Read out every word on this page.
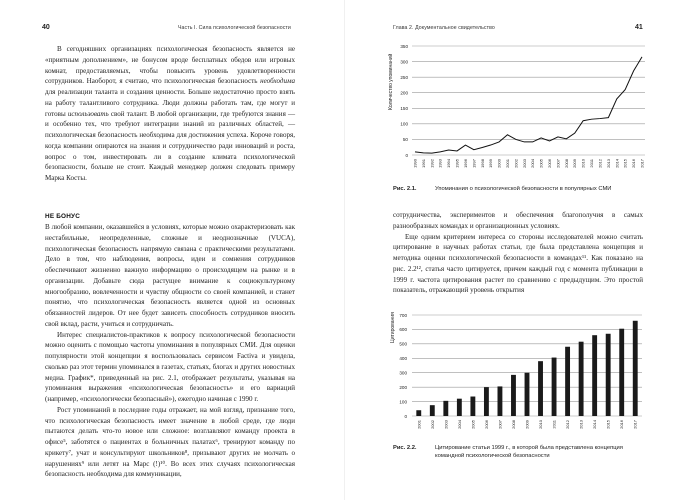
40	Часть I. Сила психологической безопасности

В сегодняшних организациях психологическая безопасность является не «приятным дополнением», не бонусом вроде бесплатных обедов или игровых комнат, предоставляемых, чтобы повысить уровень удовлетворенности сотрудников. Наоборот, я считаю, что психологическая безопасность необходима для реализации таланта и создания ценности. Больше недостаточно просто взять на работу талантливого сотрудника. Люди должны работать там, где могут и готовы использовать свой талант. В любой организации, где требуются знания — и особенно тех, что требуют интеграции знаний из различных областей, — психологическая безопасность необходима для достижения успеха. Короче говоря, когда компании опираются на знания и сотрудничество ради инноваций и роста, вопрос о том, инвестировать ли в создание климата психологической безопасности, больше не стоит. Каждый менеджер должен следовать примеру Марка Косты.

НЕ БОНУС

В любой компании, оказавшейся в условиях, которые можно охарактеризовать как нестабильные, неопределенные, сложные и неоднозначные (VUCA), психологическая безопасность напрямую связана с практическими результатами. Дело в том, что наблюдения, вопросы, идеи и сомнения сотрудников обеспечивают жизненно важную информацию о происходящем на рынке и в организации. Добавьте сюда растущее внимание к социокультурному многообразию, вовлеченности и чувству общности со своей компанией, и станет понятно, что психологическая безопасность является одной из основных обязанностей лидеров. От нее будет зависеть способность сотрудников вносить свой вклад, расти, учиться и сотрудничать.

Интерес специалистов-практиков к вопросу психологической безопасности можно оценить с помощью частоты упоминания в популярных СМИ. Для оценки популярности этой концепции я воспользовалась сервисом Factiva и увидела, сколько раз этот термин упоминался в газетах, статьях, блогах и других новостных медиа. График*, приведенный на рис. 2.1, отображает результаты, указывая на упоминания выражения «психологическая безопасность» и его вариаций (например, «психологически безопасный»), ежегодно начиная с 1990 г.

Рост упоминаний в последние годы отражает, на мой взгляд, признание того, что психологическая безопасность имеет значение в любой среде, где люди пытаются делать что-то новое или сложное: возглавляют команду проекта в офисе⁵, заботятся о пациентах в больничных палатах⁶, тренируют команду по крикету⁷, учат и консультируют школьников⁸, призывают других не молчать о нарушениях⁹ или летят на Марс (!)¹⁰. Во всех этих случаях психологическая безопасность необходима для коммуникации,

Глава 2. Документальное свидетельство	41
Количество упоминаний
0
50
100
150
200
250
300
350
1990 1991 1992 1993 1994 1995 1996 1997 1998 1999 2000 2001 2002 2003 2004 2005 2006 2007 2008 2009 2010 2011 2012 2013 2014 2015 2016 2017
Рис. 2.1.	Упоминания о психологической безопасности в популярных СМИ

сотрудничества, экспериментов и обеспечения благополучия в самых разнообразных командах и организационных условиях.

Еще одним критерием интереса со стороны исследователей можно считать цитирование в научных работах статьи, где была представлена концепция и методика оценки психологической безопасности в командах¹¹. Как показано на рис. 2.2¹², статья часто цитируется, причем каждый год с момента публикации в 1999 г. частота цитирования растет по сравнению с предыдущим. Это простой показатель, отражающий уровень открытия

Цитирования
0
100
200
300
400
500
600
700
2001 2002 2003 2004 2005 2006 2007 2008 2009 2010 2011 2012 2013 2014 2015 2016 2017
Рис. 2.2.	Цитирование статьи 1999 г., в которой была представлена концепция командной психологической безопасности
